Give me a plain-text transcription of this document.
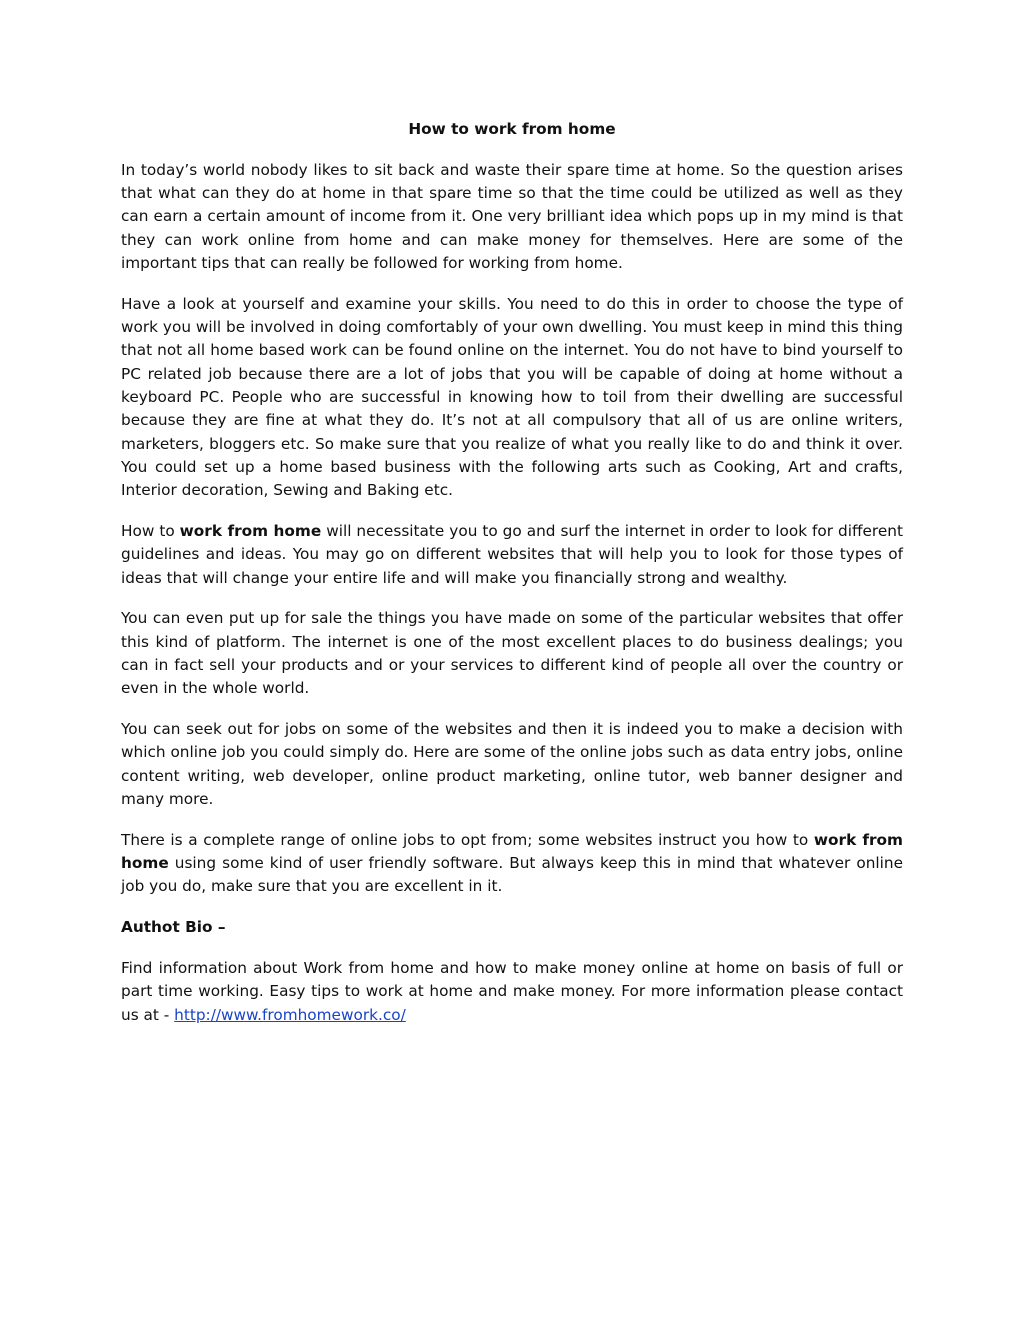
How to work from home

In today’s world nobody likes to sit back and waste their spare time at home. So the question arises that what can they do at home in that spare time so that the time could be utilized as well as they can earn a certain amount of income from it. One very brilliant idea which pops up in my mind is that they can work online from home and can make money for themselves. Here are some of the important tips that can really be followed for working from home.

Have a look at yourself and examine your skills. You need to do this in order to choose the type of work you will be involved in doing comfortably of your own dwelling. You must keep in mind this thing that not all home based work can be found online on the internet. You do not have to bind yourself to PC related job because there are a lot of jobs that you will be capable of doing at home without a keyboard PC. People who are successful in knowing how to toil from their dwelling are successful because they are fine at what they do. It’s not at all compulsory that all of us are online writers, marketers, bloggers etc. So make sure that you realize of what you really like to do and think it over. You could set up a home based business with the following arts such as Cooking, Art and crafts, Interior decoration, Sewing and Baking etc.

How to work from home will necessitate you to go and surf the internet in order to look for different guidelines and ideas. You may go on different websites that will help you to look for those types of ideas that will change your entire life and will make you financially strong and wealthy.

You can even put up for sale the things you have made on some of the particular websites that offer this kind of platform. The internet is one of the most excellent places to do business dealings; you can in fact sell your products and or your services to different kind of people all over the country or even in the whole world.

You can seek out for jobs on some of the websites and then it is indeed you to make a decision with which online job you could simply do. Here are some of the online jobs such as data entry jobs, online content writing, web developer, online product marketing, online tutor, web banner designer and many more.

There is a complete range of online jobs to opt from; some websites instruct you how to work from home using some kind of user friendly software. But always keep this in mind that whatever online job you do, make sure that you are excellent in it.

Authot Bio –

Find information about Work from home and how to make money online at home on basis of full or part time working. Easy tips to work at home and make money. For more information please contact us at - http://www.fromhomework.co/
